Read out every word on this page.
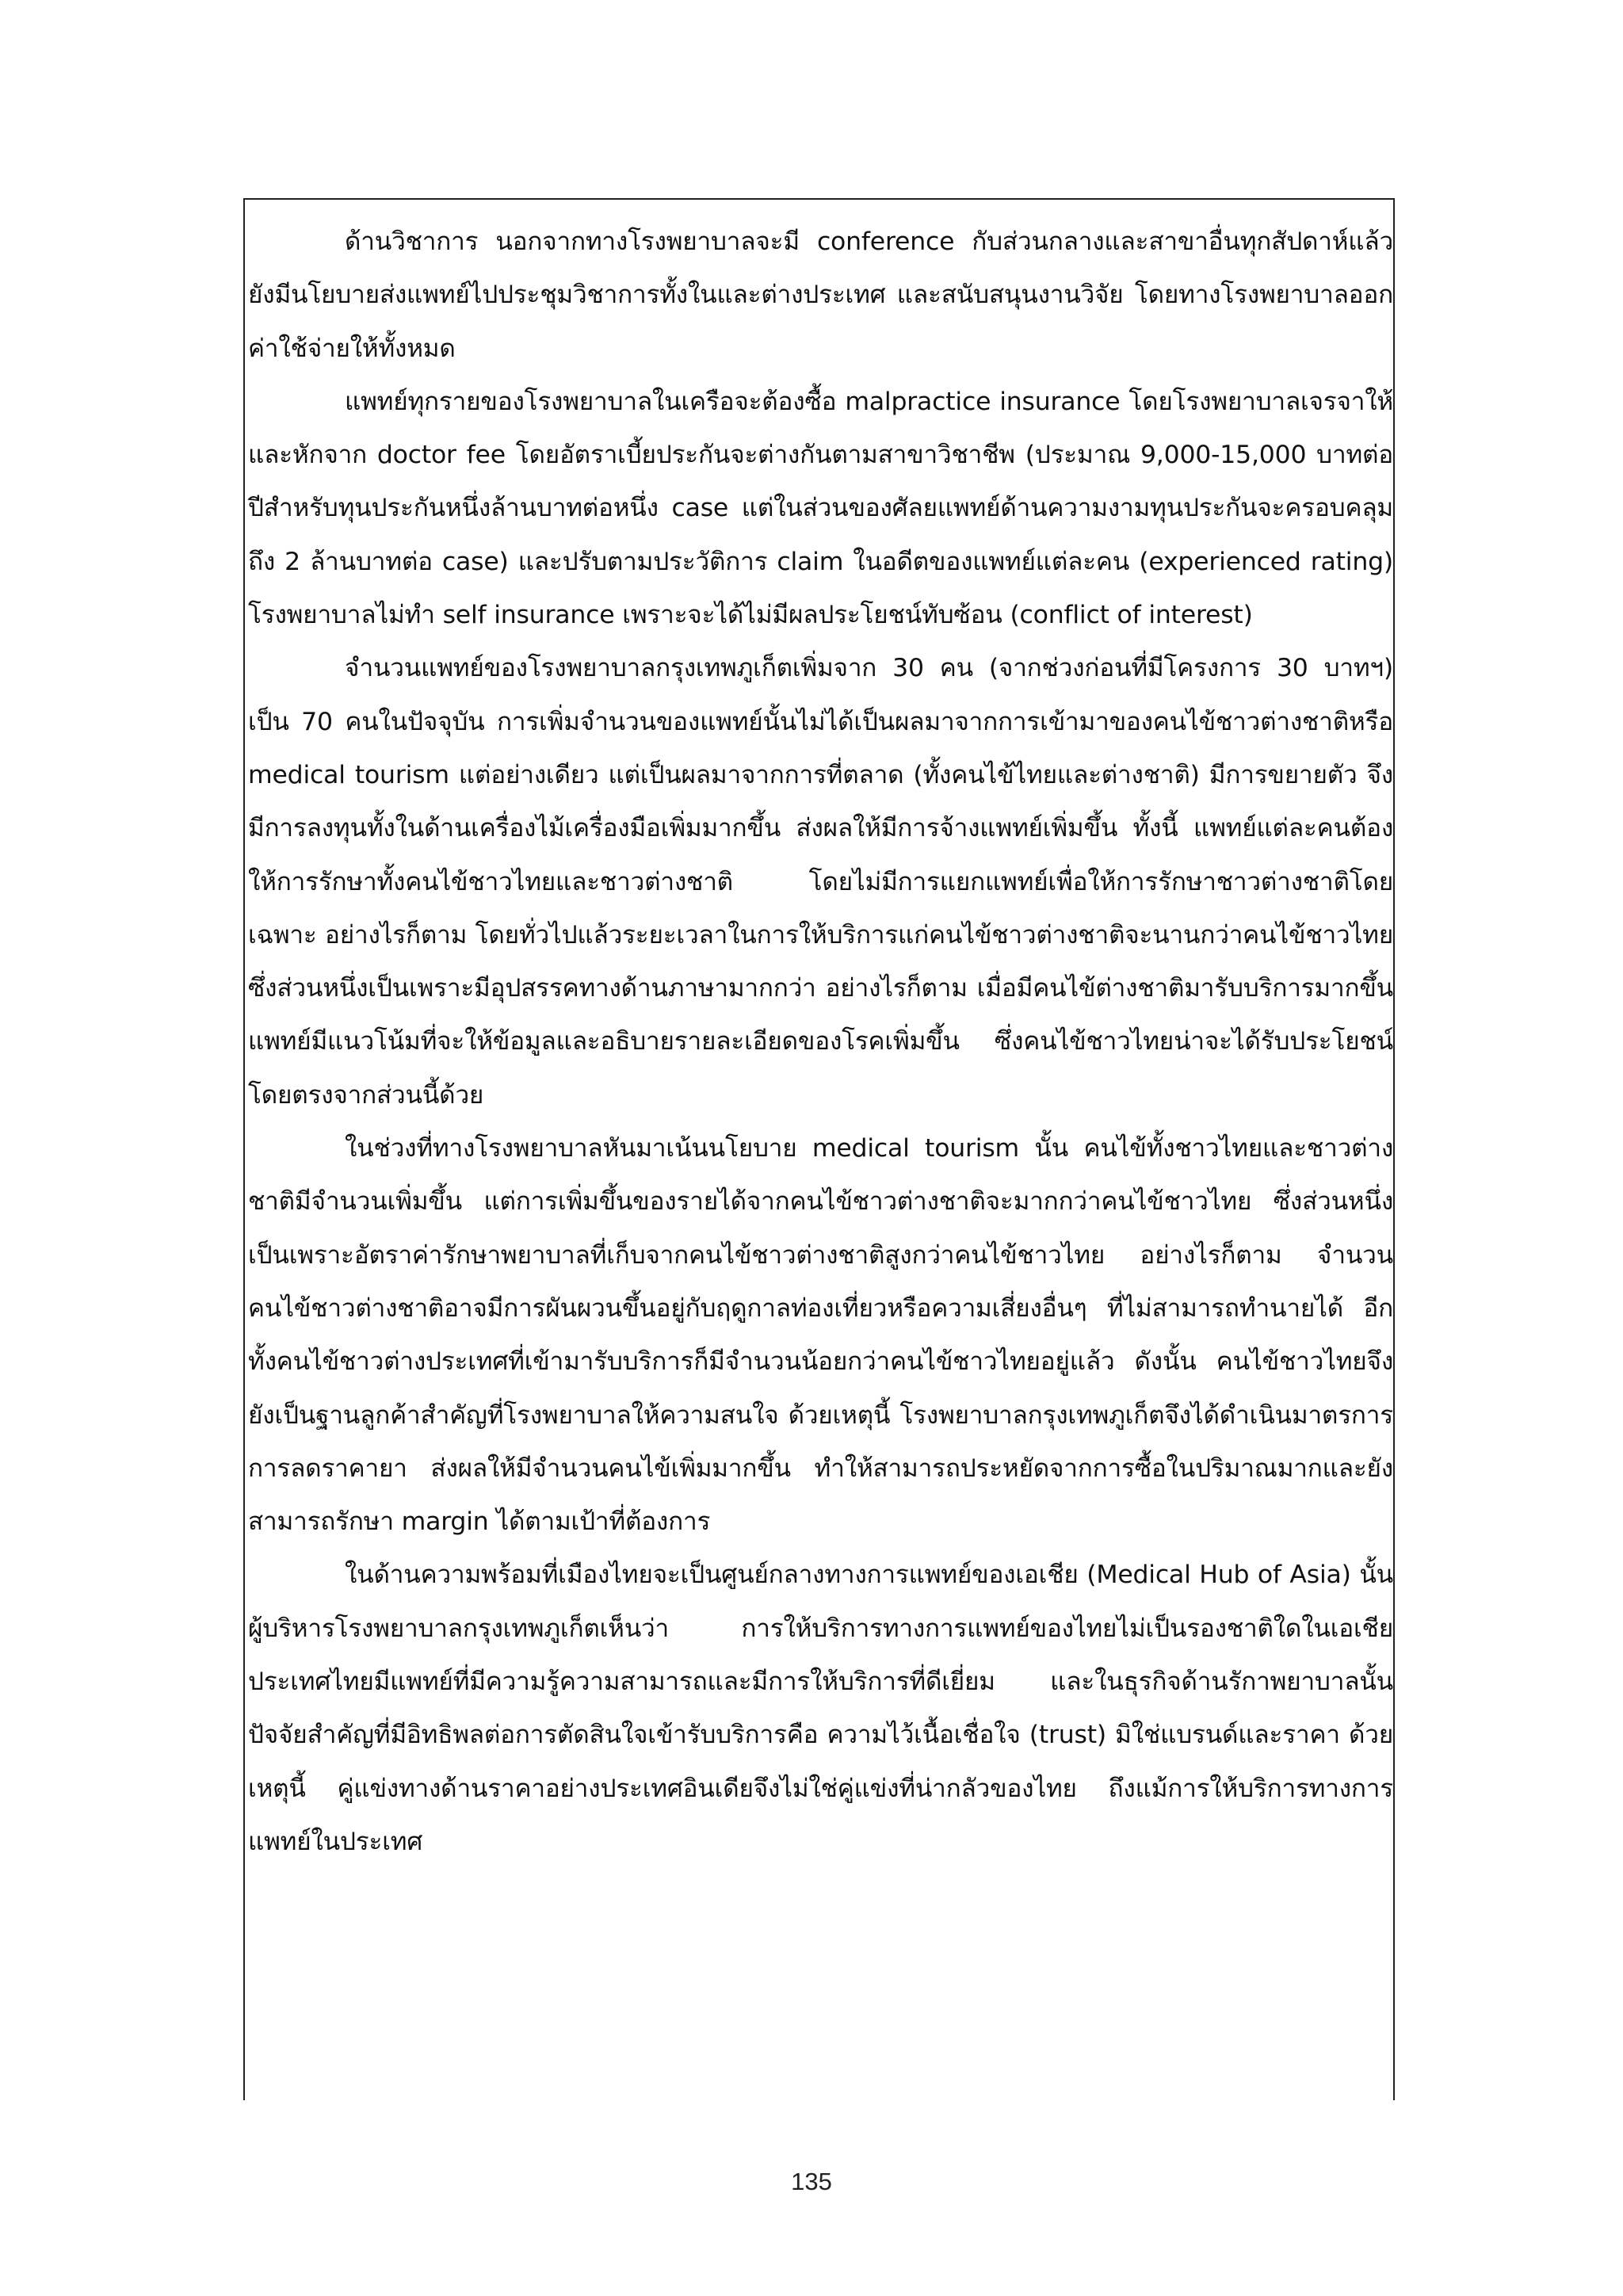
ด้านวิชาการ นอกจากทางโรงพยาบาลจะมี conference กับส่วนกลางและสาขาอื่นทุกสัปดาห์แล้ว ยังมีนโยบายส่งแพทย์ไปประชุมวิชาการทั้งในและต่างประเทศ และสนับสนุนงานวิจัย โดยทางโรงพยาบาลออกค่าใช้จ่ายให้ทั้งหมด

แพทย์ทุกรายของโรงพยาบาลในเครือจะต้องซื้อ malpractice insurance โดยโรงพยาบาลเจรจาให้ และหักจาก doctor fee โดยอัตราเบี้ยประกันจะต่างกันตามสาขาวิชาชีพ (ประมาณ 9,000-15,000 บาทต่อปีสำหรับทุนประกันหนึ่งล้านบาทต่อหนึ่ง case แต่ในส่วนของศัลยแพทย์ด้านความงามทุนประกันจะครอบคลุมถึง 2 ล้านบาทต่อ case) และปรับตามประวัติการ claim ในอดีตของแพทย์แต่ละคน (experienced rating) โรงพยาบาลไม่ทำ self insurance เพราะจะได้ไม่มีผลประโยชน์ทับซ้อน (conflict of interest)

จำนวนแพทย์ของโรงพยาบาลกรุงเทพภูเก็ตเพิ่มจาก 30 คน (จากช่วงก่อนที่มีโครงการ 30 บาทฯ) เป็น 70 คนในปัจจุบัน การเพิ่มจำนวนของแพทย์นั้นไม่ได้เป็นผลมาจากการเข้ามาของคนไข้ชาวต่างชาติหรือ medical tourism แต่อย่างเดียว แต่เป็นผลมาจากการที่ตลาด (ทั้งคนไข้ไทยและต่างชาติ) มีการขยายตัว จึงมีการลงทุนทั้งในด้านเครื่องไม้เครื่องมือเพิ่มมากขึ้น ส่งผลให้มีการจ้างแพทย์เพิ่มขึ้น ทั้งนี้ แพทย์แต่ละคนต้องให้การรักษาทั้งคนไข้ชาวไทยและชาวต่างชาติ โดยไม่มีการแยกแพทย์เพื่อให้การรักษาชาวต่างชาติโดยเฉพาะ อย่างไรก็ตาม โดยทั่วไปแล้วระยะเวลาในการให้บริการแก่คนไข้ชาวต่างชาติจะนานกว่าคนไข้ชาวไทย ซึ่งส่วนหนึ่งเป็นเพราะมีอุปสรรคทางด้านภาษามากกว่า อย่างไรก็ตาม เมื่อมีคนไข้ต่างชาติมารับบริการมากขึ้น แพทย์มีแนวโน้มที่จะให้ข้อมูลและอธิบายรายละเอียดของโรคเพิ่มขึ้น ซึ่งคนไข้ชาวไทยน่าจะได้รับประโยชน์โดยตรงจากส่วนนี้ด้วย

ในช่วงที่ทางโรงพยาบาลหันมาเน้นนโยบาย medical tourism นั้น คนไข้ทั้งชาวไทยและชาวต่างชาติมีจำนวนเพิ่มขึ้น แต่การเพิ่มขึ้นของรายได้จากคนไข้ชาวต่างชาติจะมากกว่าคนไข้ชาวไทย ซึ่งส่วนหนึ่งเป็นเพราะอัตราค่ารักษาพยาบาลที่เก็บจากคนไข้ชาวต่างชาติสูงกว่าคนไข้ชาวไทย อย่างไรก็ตาม จำนวนคนไข้ชาวต่างชาติอาจมีการผันผวนขึ้นอยู่กับฤดูกาลท่องเที่ยวหรือความเสี่ยงอื่นๆ ที่ไม่สามารถทำนายได้ อีกทั้งคนไข้ชาวต่างประเทศที่เข้ามารับบริการก็มีจำนวนน้อยกว่าคนไข้ชาวไทยอยู่แล้ว ดังนั้น คนไข้ชาวไทยจึงยังเป็นฐานลูกค้าสำคัญที่โรงพยาบาลให้ความสนใจ ด้วยเหตุนี้ โรงพยาบาลกรุงเทพภูเก็ตจึงได้ดำเนินมาตรการการลดราคายา ส่งผลให้มีจำนวนคนไข้เพิ่มมากขึ้น ทำให้สามารถประหยัดจากการซื้อในปริมาณมากและยังสามารถรักษา margin ได้ตามเป้าที่ต้องการ

ในด้านความพร้อมที่เมืองไทยจะเป็นศูนย์กลางทางการแพทย์ของเอเชีย (Medical Hub of Asia) นั้น ผู้บริหารโรงพยาบาลกรุงเทพภูเก็ตเห็นว่า การให้บริการทางการแพทย์ของไทยไม่เป็นรองชาติใดในเอเชีย ประเทศไทยมีแพทย์ที่มีความรู้ความสามารถและมีการให้บริการที่ดีเยี่ยม และในธุรกิจด้านรักาพยาบาลนั้น ปัจจัยสำคัญที่มีอิทธิพลต่อการตัดสินใจเข้ารับบริการคือ ความไว้เนื้อเชื่อใจ (trust) มิใช่แบรนด์และราคา ด้วยเหตุนี้ คู่แข่งทางด้านราคาอย่างประเทศอินเดียจึงไม่ใช่คู่แข่งที่น่ากลัวของไทย ถึงแม้การให้บริการทางการแพทย์ในประเทศ

135
